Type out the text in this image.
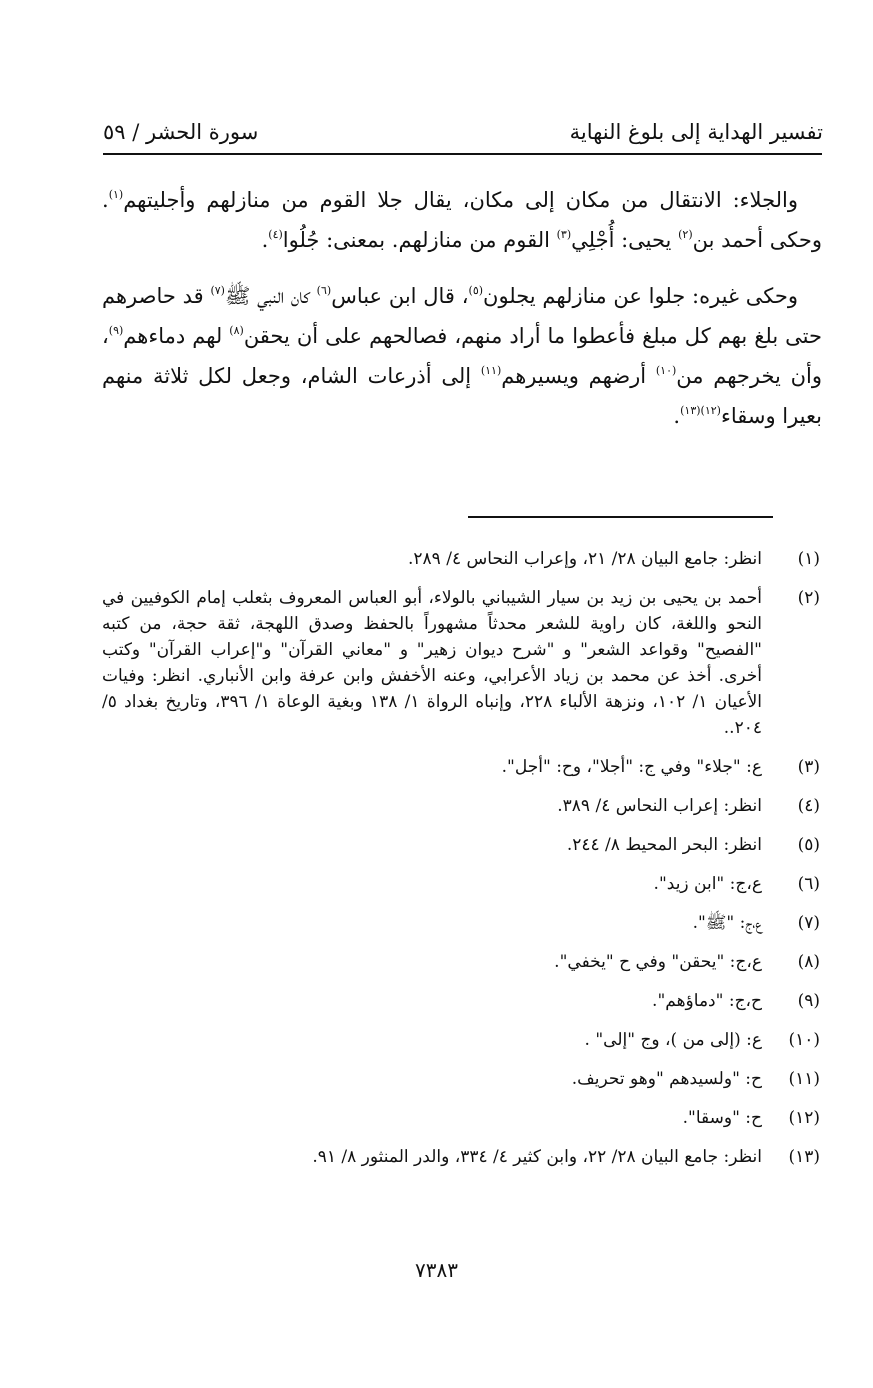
تفسير الهداية إلى بلوغ النهاية
سورة الحشر / ٥٩

والجلاء: الانتقال من مكان إلى مكان، يقال جلا القوم من منازلهم وأجليتهم$^{(١)}$. وحكى أحمد بن$^{(٢)}$ يحيى: أُجْلِي$^{(٣)}$ القوم من منازلهم. بمعنى: جُلُوا$^{(٤)}$.

وحكى غيره: جلوا عن منازلهم يجلون$^{(٥)}$، قال ابن عباس$^{(٦)}$ كان النبي ﷺ$^{(٧)}$ قد حاصرهم حتى بلغ بهم كل مبلغ فأعطوا ما أراد منهم، فصالحهم على أن يحقن$^{(٨)}$ لهم دماءهم$^{(٩)}$، وأن يخرجهم من$^{(١٠)}$ أرضهم ويسيرهم$^{(١١)}$ إلى أذرعات الشام، وجعل لكل ثلاثة منهم بعيرا وسقاء$^{(١٢)(١٣)}$.

(١)
انظر: جامع البيان ٢٨/ ٢١، وإعراب النحاس ٤/ ٢٨٩.
(٢)
أحمد بن يحيى بن زيد بن سيار الشيباني بالولاء، أبو العباس المعروف بثعلب إمام الكوفيين في النحو واللغة، كان راوية للشعر محدثاً مشهوراً بالحفظ وصدق اللهجة، ثقة حجة، من كتبه "الفصيح" وقواعد الشعر" و "شرح ديوان زهير" و "معاني القرآن" و"إعراب القرآن" وكتب أخرى. أخذ عن محمد بن زياد الأعرابي، وعنه الأخفش وابن عرفة وابن الأنباري. انظر: وفيات الأعيان ١/ ١٠٢، ونزهة الألباء ٢٢٨، وإنباه الرواة ١/ ١٣٨ وبغية الوعاة ١/ ٣٩٦، وتاريخ بغداد ٥/ ٢٠٤..
(٣)
ع: "جلاء" وفي ج: "أجلا"، وح: "أجل".
(٤)
انظر: إعراب النحاس ٤/ ٣٨٩.
(٥)
انظر: البحر المحيط ٨/ ٢٤٤.
(٦)
ع،ج: "ابن زيد".
(٧)
ع،ج: "ﷺ".
(٨)
ع،ج: "يحقن" وفي ح "يخفي".
(٩)
ح،ج: "دماؤهم".
(١٠)
ع: (إلى من )، وج "إلى" .
(١١)
ح: "ولسيدهم "وهو تحريف.
(١٢)
ح: "وسقا".
(١٣)
انظر: جامع البيان ٢٨/ ٢٢، وابن كثير ٤/ ٣٣٤، والدر المنثور ٨/ ٩١.
٧٣٨٣
